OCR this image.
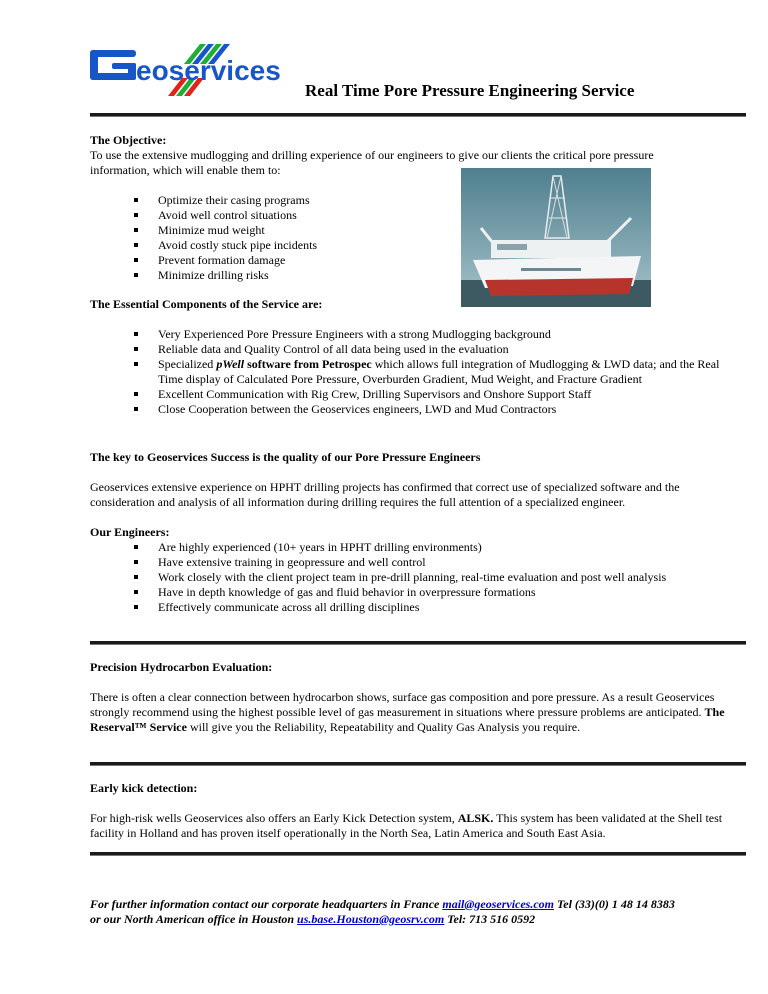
eoservices
Real Time Pore Pressure Engineering Service

The Objective:

To use the extensive mudlogging and drilling experience of our engineers to give our clients the critical pore pressure information, which will enable them to:

Optimize their casing programs
Avoid well control situations
Minimize mud weight
Avoid costly stuck pipe incidents
Prevent formation damage
Minimize drilling risks

The Essential Components of the Service are:

Very Experienced Pore Pressure Engineers with a strong Mudlogging background
Reliable data and Quality Control of all data being used in the evaluation
Specialized pWell software from Petrospec which allows full integration of Mudlogging & LWD data; and the Real Time display of Calculated Pore Pressure, Overburden Gradient, Mud Weight, and Fracture Gradient
Excellent Communication with Rig Crew, Drilling Supervisors and Onshore Support Staff
Close Cooperation between the Geoservices engineers, LWD and Mud Contractors

The key to Geoservices Success is the quality of our Pore Pressure Engineers

Geoservices extensive experience on HPHT drilling projects has confirmed that correct use of specialized software and the consideration and analysis of all information during drilling requires the full attention of a specialized engineer.

Our Engineers:

Are highly experienced (10+ years in HPHT drilling environments)
Have extensive training in geopressure and well control
Work closely with the client project team in pre-drill planning, real-time evaluation and post well analysis
Have in depth knowledge of gas and fluid behavior in overpressure formations
Effectively communicate across all drilling disciplines

Precision Hydrocarbon Evaluation:

There is often a clear connection between hydrocarbon shows, surface gas composition and pore pressure. As a result Geoservices strongly recommend using the highest possible level of gas measurement in situations where pressure problems are anticipated. The Reserval™ Service will give you the Reliability, Repeatability and Quality Gas Analysis you require.

Early kick detection:

For high-risk wells Geoservices also offers an Early Kick Detection system, ALSK. This system has been validated at the Shell test facility in Holland and has proven itself operationally in the North Sea, Latin America and South East Asia.

For further information contact our corporate headquarters in France mail@geoservices.com Tel (33)(0) 1 48 14 8383
or our North American office in Houston us.base.Houston@geosrv.com Tel: 713 516 0592
